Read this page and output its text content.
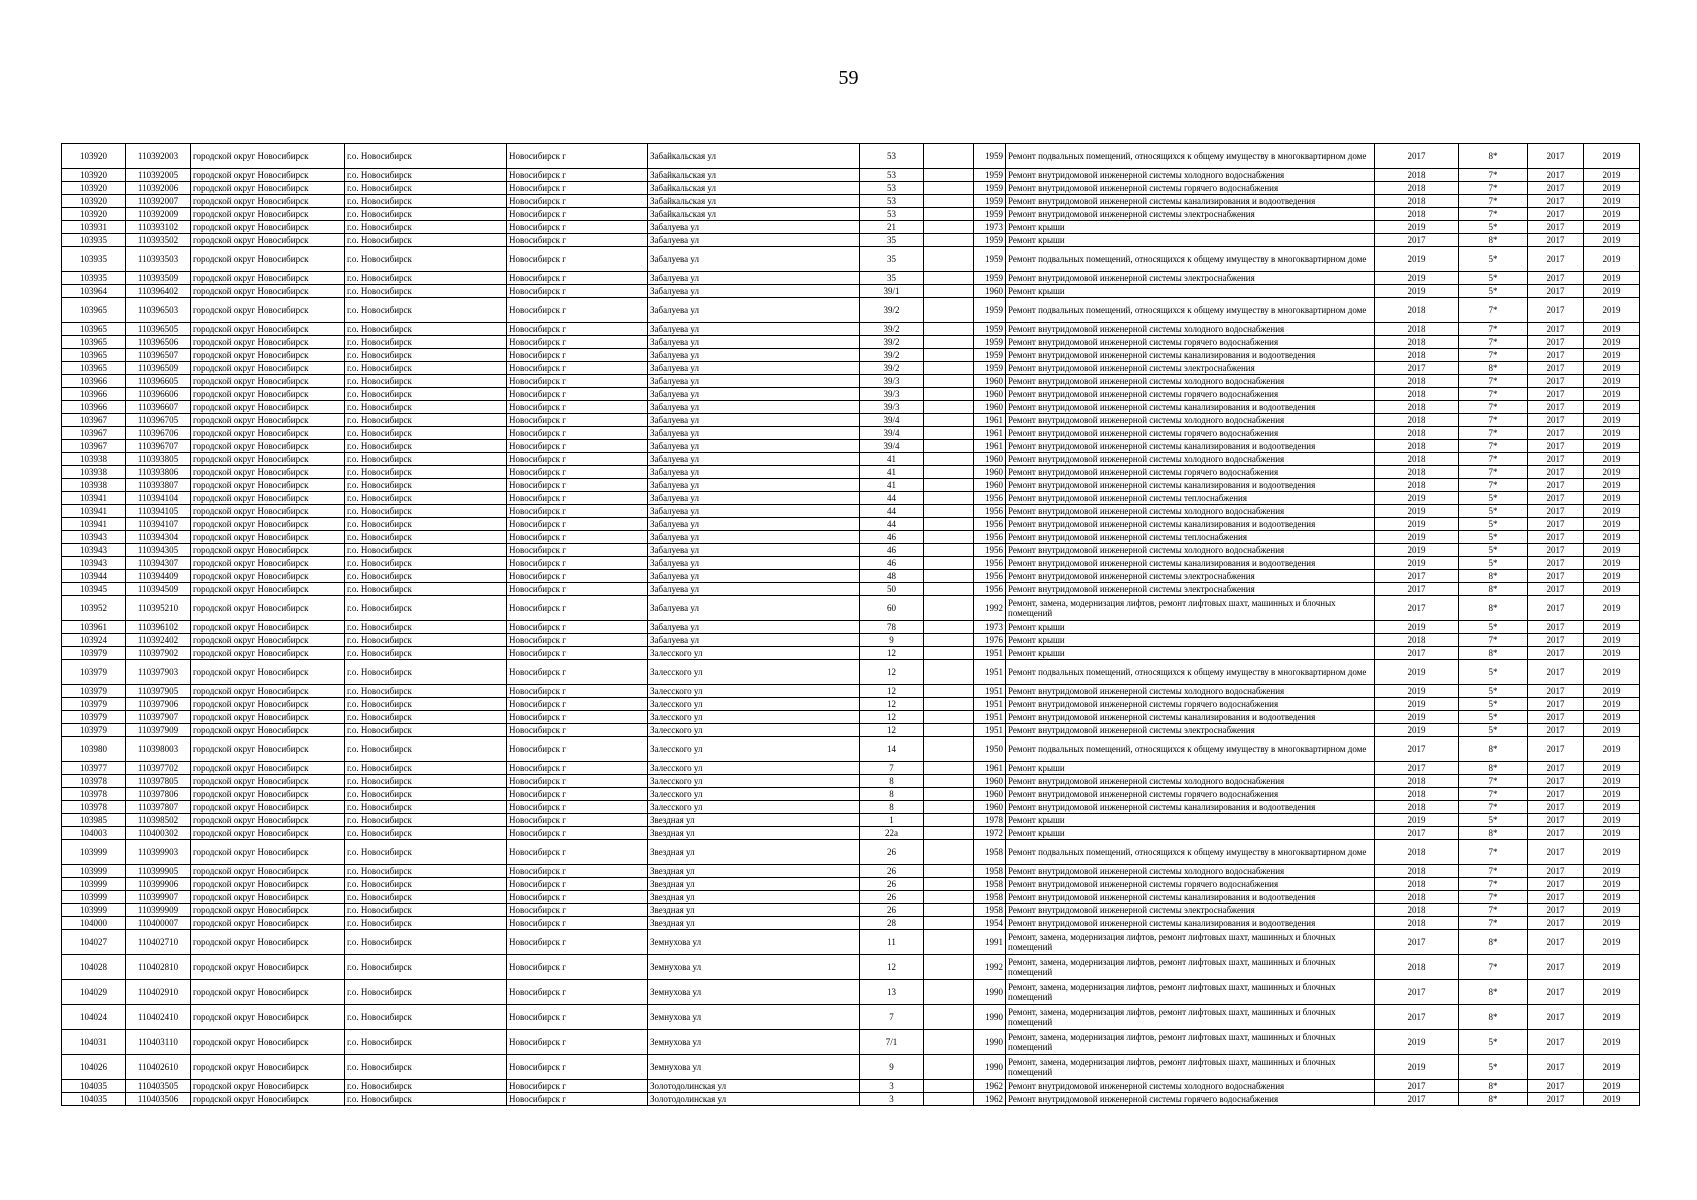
59
103920	110392003	городской округ Новосибирск	г.о. Новосибирск	Новосибирск г	Забайкальская ул	53		1959	Ремонт подвальных помещений, относящихся к общему имуществу в многоквартирном доме	2017	8*	2017	2019
103920	110392005	городской округ Новосибирск	г.о. Новосибирск	Новосибирск г	Забайкальская ул	53		1959	Ремонт внутридомовой инженерной системы холодного водоснабжения	2018	7*	2017	2019
103920	110392006	городской округ Новосибирск	г.о. Новосибирск	Новосибирск г	Забайкальская ул	53		1959	Ремонт внутридомовой инженерной системы горячего водоснабжения	2018	7*	2017	2019
103920	110392007	городской округ Новосибирск	г.о. Новосибирск	Новосибирск г	Забайкальская ул	53		1959	Ремонт внутридомовой инженерной системы канализирования и водоотведения	2018	7*	2017	2019
103920	110392009	городской округ Новосибирск	г.о. Новосибирск	Новосибирск г	Забайкальская ул	53		1959	Ремонт внутридомовой инженерной системы электроснабжения	2018	7*	2017	2019
103931	110393102	городской округ Новосибирск	г.о. Новосибирск	Новосибирск г	Забалуева ул	21		1973	Ремонт крыши	2019	5*	2017	2019
103935	110393502	городской округ Новосибирск	г.о. Новосибирск	Новосибирск г	Забалуева ул	35		1959	Ремонт крыши	2017	8*	2017	2019
103935	110393503	городской округ Новосибирск	г.о. Новосибирск	Новосибирск г	Забалуева ул	35		1959	Ремонт подвальных помещений, относящихся к общему имуществу в многоквартирном доме	2019	5*	2017	2019
103935	110393509	городской округ Новосибирск	г.о. Новосибирск	Новосибирск г	Забалуева ул	35		1959	Ремонт внутридомовой инженерной системы электроснабжения	2019	5*	2017	2019
103964	110396402	городской округ Новосибирск	г.о. Новосибирск	Новосибирск г	Забалуева ул	39/1		1960	Ремонт крыши	2019	5*	2017	2019
103965	110396503	городской округ Новосибирск	г.о. Новосибирск	Новосибирск г	Забалуева ул	39/2		1959	Ремонт подвальных помещений, относящихся к общему имуществу в многоквартирном доме	2018	7*	2017	2019
103965	110396505	городской округ Новосибирск	г.о. Новосибирск	Новосибирск г	Забалуева ул	39/2		1959	Ремонт внутридомовой инженерной системы холодного водоснабжения	2018	7*	2017	2019
103965	110396506	городской округ Новосибирск	г.о. Новосибирск	Новосибирск г	Забалуева ул	39/2		1959	Ремонт внутридомовой инженерной системы горячего водоснабжения	2018	7*	2017	2019
103965	110396507	городской округ Новосибирск	г.о. Новосибирск	Новосибирск г	Забалуева ул	39/2		1959	Ремонт внутридомовой инженерной системы канализирования и водоотведения	2018	7*	2017	2019
103965	110396509	городской округ Новосибирск	г.о. Новосибирск	Новосибирск г	Забалуева ул	39/2		1959	Ремонт внутридомовой инженерной системы электроснабжения	2017	8*	2017	2019
103966	110396605	городской округ Новосибирск	г.о. Новосибирск	Новосибирск г	Забалуева ул	39/3		1960	Ремонт внутридомовой инженерной системы холодного водоснабжения	2018	7*	2017	2019
103966	110396606	городской округ Новосибирск	г.о. Новосибирск	Новосибирск г	Забалуева ул	39/3		1960	Ремонт внутридомовой инженерной системы горячего водоснабжения	2018	7*	2017	2019
103966	110396607	городской округ Новосибирск	г.о. Новосибирск	Новосибирск г	Забалуева ул	39/3		1960	Ремонт внутридомовой инженерной системы канализирования и водоотведения	2018	7*	2017	2019
103967	110396705	городской округ Новосибирск	г.о. Новосибирск	Новосибирск г	Забалуева ул	39/4		1961	Ремонт внутридомовой инженерной системы холодного водоснабжения	2018	7*	2017	2019
103967	110396706	городской округ Новосибирск	г.о. Новосибирск	Новосибирск г	Забалуева ул	39/4		1961	Ремонт внутридомовой инженерной системы горячего водоснабжения	2018	7*	2017	2019
103967	110396707	городской округ Новосибирск	г.о. Новосибирск	Новосибирск г	Забалуева ул	39/4		1961	Ремонт внутридомовой инженерной системы канализирования и водоотведения	2018	7*	2017	2019
103938	110393805	городской округ Новосибирск	г.о. Новосибирск	Новосибирск г	Забалуева ул	41		1960	Ремонт внутридомовой инженерной системы холодного водоснабжения	2018	7*	2017	2019
103938	110393806	городской округ Новосибирск	г.о. Новосибирск	Новосибирск г	Забалуева ул	41		1960	Ремонт внутридомовой инженерной системы горячего водоснабжения	2018	7*	2017	2019
103938	110393807	городской округ Новосибирск	г.о. Новосибирск	Новосибирск г	Забалуева ул	41		1960	Ремонт внутридомовой инженерной системы канализирования и водоотведения	2018	7*	2017	2019
103941	110394104	городской округ Новосибирск	г.о. Новосибирск	Новосибирск г	Забалуева ул	44		1956	Ремонт внутридомовой инженерной системы теплоснабжения	2019	5*	2017	2019
103941	110394105	городской округ Новосибирск	г.о. Новосибирск	Новосибирск г	Забалуева ул	44		1956	Ремонт внутридомовой инженерной системы холодного водоснабжения	2019	5*	2017	2019
103941	110394107	городской округ Новосибирск	г.о. Новосибирск	Новосибирск г	Забалуева ул	44		1956	Ремонт внутридомовой инженерной системы канализирования и водоотведения	2019	5*	2017	2019
103943	110394304	городской округ Новосибирск	г.о. Новосибирск	Новосибирск г	Забалуева ул	46		1956	Ремонт внутридомовой инженерной системы теплоснабжения	2019	5*	2017	2019
103943	110394305	городской округ Новосибирск	г.о. Новосибирск	Новосибирск г	Забалуева ул	46		1956	Ремонт внутридомовой инженерной системы холодного водоснабжения	2019	5*	2017	2019
103943	110394307	городской округ Новосибирск	г.о. Новосибирск	Новосибирск г	Забалуева ул	46		1956	Ремонт внутридомовой инженерной системы канализирования и водоотведения	2019	5*	2017	2019
103944	110394409	городской округ Новосибирск	г.о. Новосибирск	Новосибирск г	Забалуева ул	48		1956	Ремонт внутридомовой инженерной системы электроснабжения	2017	8*	2017	2019
103945	110394509	городской округ Новосибирск	г.о. Новосибирск	Новосибирск г	Забалуева ул	50		1956	Ремонт внутридомовой инженерной системы электроснабжения	2017	8*	2017	2019
103952	110395210	городской округ Новосибирск	г.о. Новосибирск	Новосибирск г	Забалуева ул	60		1992	Ремонт, замена, модернизация лифтов, ремонт лифтовых шахт, машинных и блочных помещений	2017	8*	2017	2019
103961	110396102	городской округ Новосибирск	г.о. Новосибирск	Новосибирск г	Забалуева ул	78		1973	Ремонт крыши	2019	5*	2017	2019
103924	110392402	городской округ Новосибирск	г.о. Новосибирск	Новосибирск г	Забалуева ул	9		1976	Ремонт крыши	2018	7*	2017	2019
103979	110397902	городской округ Новосибирск	г.о. Новосибирск	Новосибирск г	Залесского ул	12		1951	Ремонт крыши	2017	8*	2017	2019
103979	110397903	городской округ Новосибирск	г.о. Новосибирск	Новосибирск г	Залесского ул	12		1951	Ремонт подвальных помещений, относящихся к общему имуществу в многоквартирном доме	2019	5*	2017	2019
103979	110397905	городской округ Новосибирск	г.о. Новосибирск	Новосибирск г	Залесского ул	12		1951	Ремонт внутридомовой инженерной системы холодного водоснабжения	2019	5*	2017	2019
103979	110397906	городской округ Новосибирск	г.о. Новосибирск	Новосибирск г	Залесского ул	12		1951	Ремонт внутридомовой инженерной системы горячего водоснабжения	2019	5*	2017	2019
103979	110397907	городской округ Новосибирск	г.о. Новосибирск	Новосибирск г	Залесского ул	12		1951	Ремонт внутридомовой инженерной системы канализирования и водоотведения	2019	5*	2017	2019
103979	110397909	городской округ Новосибирск	г.о. Новосибирск	Новосибирск г	Залесского ул	12		1951	Ремонт внутридомовой инженерной системы электроснабжения	2019	5*	2017	2019
103980	110398003	городской округ Новосибирск	г.о. Новосибирск	Новосибирск г	Залесского ул	14		1950	Ремонт подвальных помещений, относящихся к общему имуществу в многоквартирном доме	2017	8*	2017	2019
103977	110397702	городской округ Новосибирск	г.о. Новосибирск	Новосибирск г	Залесского ул	7		1961	Ремонт крыши	2017	8*	2017	2019
103978	110397805	городской округ Новосибирск	г.о. Новосибирск	Новосибирск г	Залесского ул	8		1960	Ремонт внутридомовой инженерной системы холодного водоснабжения	2018	7*	2017	2019
103978	110397806	городской округ Новосибирск	г.о. Новосибирск	Новосибирск г	Залесского ул	8		1960	Ремонт внутридомовой инженерной системы горячего водоснабжения	2018	7*	2017	2019
103978	110397807	городской округ Новосибирск	г.о. Новосибирск	Новосибирск г	Залесского ул	8		1960	Ремонт внутридомовой инженерной системы канализирования и водоотведения	2018	7*	2017	2019
103985	110398502	городской округ Новосибирск	г.о. Новосибирск	Новосибирск г	Звездная ул	1		1978	Ремонт крыши	2019	5*	2017	2019
104003	110400302	городской округ Новосибирск	г.о. Новосибирск	Новосибирск г	Звездная ул	22а		1972	Ремонт крыши	2017	8*	2017	2019
103999	110399903	городской округ Новосибирск	г.о. Новосибирск	Новосибирск г	Звездная ул	26		1958	Ремонт подвальных помещений, относящихся к общему имуществу в многоквартирном доме	2018	7*	2017	2019
103999	110399905	городской округ Новосибирск	г.о. Новосибирск	Новосибирск г	Звездная ул	26		1958	Ремонт внутридомовой инженерной системы холодного водоснабжения	2018	7*	2017	2019
103999	110399906	городской округ Новосибирск	г.о. Новосибирск	Новосибирск г	Звездная ул	26		1958	Ремонт внутридомовой инженерной системы горячего водоснабжения	2018	7*	2017	2019
103999	110399907	городской округ Новосибирск	г.о. Новосибирск	Новосибирск г	Звездная ул	26		1958	Ремонт внутридомовой инженерной системы канализирования и водоотведения	2018	7*	2017	2019
103999	110399909	городской округ Новосибирск	г.о. Новосибирск	Новосибирск г	Звездная ул	26		1958	Ремонт внутридомовой инженерной системы электроснабжения	2018	7*	2017	2019
104000	110400007	городской округ Новосибирск	г.о. Новосибирск	Новосибирск г	Звездная ул	28		1954	Ремонт внутридомовой инженерной системы канализирования и водоотведения	2018	7*	2017	2019
104027	110402710	городской округ Новосибирск	г.о. Новосибирск	Новосибирск г	Земнухова ул	11		1991	Ремонт, замена, модернизация лифтов, ремонт лифтовых шахт, машинных и блочных помещений	2017	8*	2017	2019
104028	110402810	городской округ Новосибирск	г.о. Новосибирск	Новосибирск г	Земнухова ул	12		1992	Ремонт, замена, модернизация лифтов, ремонт лифтовых шахт, машинных и блочных помещений	2018	7*	2017	2019
104029	110402910	городской округ Новосибирск	г.о. Новосибирск	Новосибирск г	Земнухова ул	13		1990	Ремонт, замена, модернизация лифтов, ремонт лифтовых шахт, машинных и блочных помещений	2017	8*	2017	2019
104024	110402410	городской округ Новосибирск	г.о. Новосибирск	Новосибирск г	Земнухова ул	7		1990	Ремонт, замена, модернизация лифтов, ремонт лифтовых шахт, машинных и блочных помещений	2017	8*	2017	2019
104031	110403110	городской округ Новосибирск	г.о. Новосибирск	Новосибирск г	Земнухова ул	7/1		1990	Ремонт, замена, модернизация лифтов, ремонт лифтовых шахт, машинных и блочных помещений	2019	5*	2017	2019
104026	110402610	городской округ Новосибирск	г.о. Новосибирск	Новосибирск г	Земнухова ул	9		1990	Ремонт, замена, модернизация лифтов, ремонт лифтовых шахт, машинных и блочных помещений	2019	5*	2017	2019
104035	110403505	городской округ Новосибирск	г.о. Новосибирск	Новосибирск г	Золотодолинская ул	3		1962	Ремонт внутридомовой инженерной системы холодного водоснабжения	2017	8*	2017	2019
104035	110403506	городской округ Новосибирск	г.о. Новосибирск	Новосибирск г	Золотодолинская ул	3		1962	Ремонт внутридомовой инженерной системы горячего водоснабжения	2017	8*	2017	2019
